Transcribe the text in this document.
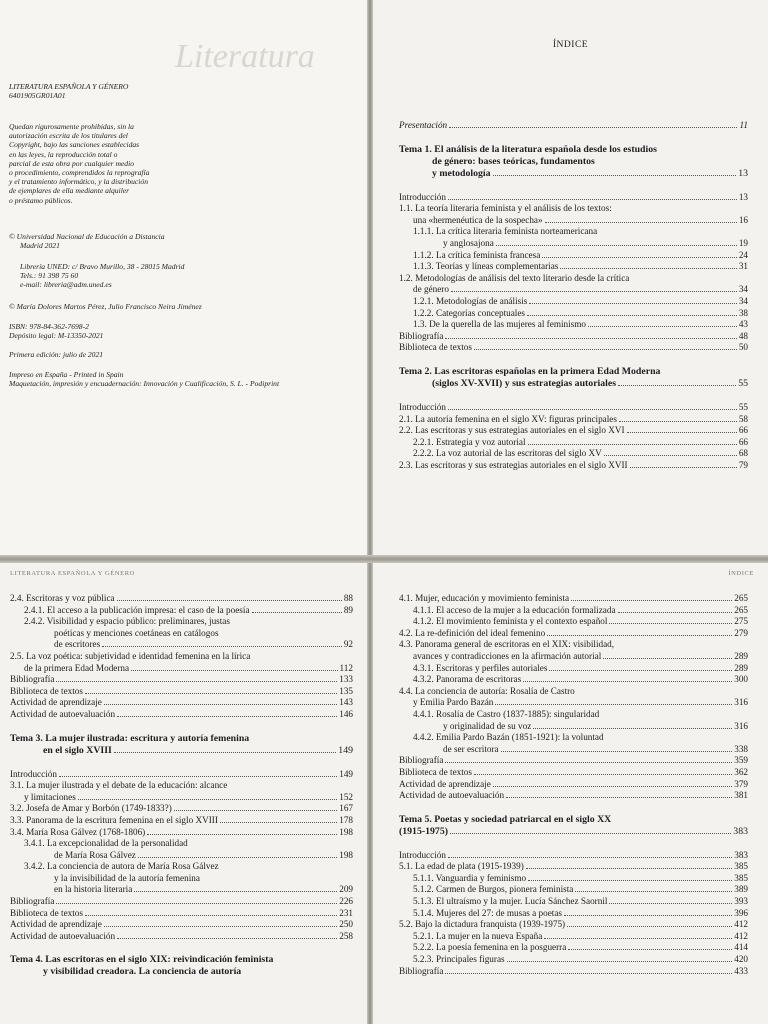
Literatura
LITERATURA ESPAÑOLA Y GÉNERO
6401905GR01A01
Quedan rigurosamente prohibidas, sin la
autorización escrita de los titulares del
Copyright, bajo las sanciones establecidas
en las leyes, la reproducción total o
parcial de esta obra por cualquier medio
o procedimiento, comprendidos la reprografía
y el tratamiento informático, y la distribución
de ejemplares de ella mediante alquiler
o préstamo públicos.
© Universidad Nacional de Educación a Distancia
Madrid 2021
Librería UNED: c/ Bravo Murillo, 38 - 28015 Madrid
Tels.: 91 398 75 60
e-mail: libreria@adm.uned.es
© María Dolores Martos Pérez, Julio Francisco Neira Jiménez
ISBN: 978-84-362-7698-2
Depósito legal: M-13350-2021
Primera edición: julio de 2021
Impreso en España - Printed in Spain
Maquetación, impresión y encuadernación: Innovación y Cualificación, S. L. - Podiprint
ÍNDICE
Presentación	11
Tema 1. El análisis de la literatura española desde los estudios
de género: bases teóricas, fundamentos
y metodología	13
Introducción	13
1.1. La teoría literaria feminista y el análisis de los textos:
una «hermenéutica de la sospecha»	16
1.1.1. La crítica literaria feminista norteamericana
y anglosajona	19
1.1.2. La crítica feminista francesa	24
1.1.3. Teorías y líneas complementarias	31
1.2. Metodologías de análisis del texto literario desde la crítica
de género	34
1.2.1. Metodologías de análisis	34
1.2.2. Categorías conceptuales	38
1.3. De la querella de las mujeres al feminismo	43
Bibliografía	48
Biblioteca de textos	50
Tema 2. Las escritoras españolas en la primera Edad Moderna
(siglos XV-XVII) y sus estrategias autoriales	55
Introducción	55
2.1. La autoría femenina en el siglo XV: figuras principales	58
2.2. Las escritoras y sus estrategias autoriales en el siglo XVI	66
2.2.1. Estrategia y voz autorial	66
2.2.2. La voz autorial de las escritoras del siglo XV	68
2.3. Las escritoras y sus estrategias autoriales en el siglo XVII	79
LITERATURA ESPAÑOLA Y GÉNERO
2.4. Escritoras y voz pública	88
2.4.1. El acceso a la publicación impresa: el caso de la poesía	89
2.4.2. Visibilidad y espacio público: preliminares, justas
poéticas y menciones coetáneas en catálogos
de escritores	92
2.5. La voz poética: subjetividad e identidad femenina en la lírica
de la primera Edad Moderna	112
Bibliografía	133
Biblioteca de textos	135
Actividad de aprendizaje	143
Actividad de autoevaluación	146
Tema 3. La mujer ilustrada: escritura y autoría femenina
en el siglo XVIII	149
Introducción	149
3.1. La mujer ilustrada y el debate de la educación: alcance
y limitaciones	152
3.2. Josefa de Amar y Borbón (1749-1833?)	167
3.3. Panorama de la escritura femenina en el siglo XVIII	178
3.4. María Rosa Gálvez (1768-1806)	198
3.4.1. La excepcionalidad de la personalidad
de María Rosa Gálvez	198
3.4.2. La conciencia de autora de María Rosa Gálvez
y la invisibilidad de la autoría femenina
en la historia literaria	209
Bibliografía	226
Biblioteca de textos	231
Actividad de aprendizaje	250
Actividad de autoevaluación	258
Tema 4. Las escritoras en el siglo XIX: reivindicación feminista
y visibilidad creadora. La conciencia de autoría
ÍNDICE
4.1. Mujer, educación y movimiento feminista	265
4.1.1. El acceso de la mujer a la educación formalizada	265
4.1.2. El movimiento feminista y el contexto español	275
4.2. La re-definición del ideal femenino	279
4.3. Panorama general de escritoras en el XIX: visibilidad,
avances y contradicciones en la afirmación autorial	289
4.3.1. Escritoras y perfiles autoriales	289
4.3.2. Panorama de escritoras	300
4.4. La conciencia de autoría: Rosalía de Castro
y Emilia Pardo Bazán	316
4.4.1. Rosalía de Castro (1837-1885): singularidad
y originalidad de su voz	316
4.4.2. Emilia Pardo Bazán (1851-1921): la voluntad
de ser escritora	338
Bibliografía	359
Biblioteca de textos	362
Actividad de aprendizaje	379
Actividad de autoevaluación	381
Tema 5. Poetas y sociedad patriarcal en el siglo XX
(1915-1975)	383
Introducción	383
5.1. La edad de plata (1915-1939)	385
5.1.1. Vanguardia y feminismo	385
5.1.2. Carmen de Burgos, pionera feminista	389
5.1.3. El ultraísmo y la mujer. Lucía Sánchez Saornil	393
5.1.4. Mujeres del 27: de musas a poetas	396
5.2. Bajo la dictadura franquista (1939-1975)	412
5.2.1. La mujer en la nueva España	412
5.2.2. La poesía femenina en la posguerra	414
5.2.3. Principales figuras	420
Bibliografía	433
